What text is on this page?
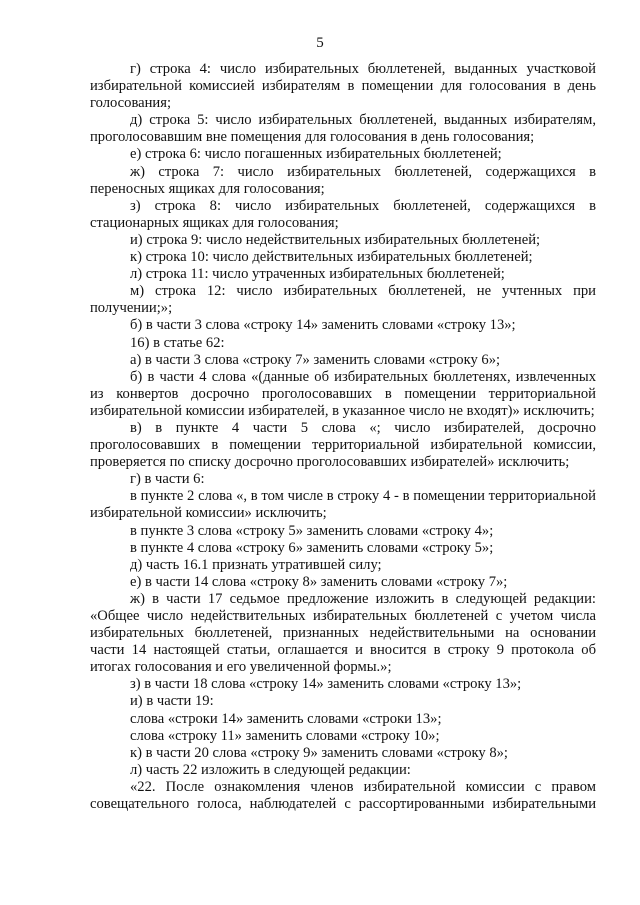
5

г) строка 4: число избирательных бюллетеней, выданных участковой избирательной комиссией избирателям в помещении для голосования в день голосования;

д) строка 5: число избирательных бюллетеней, выданных избирателям, проголосовавшим вне помещения для голосования в день голосования;

е) строка 6: число погашенных избирательных бюллетеней;

ж) строка 7: число избирательных бюллетеней, содержащихся в переносных ящиках для голосования;

з) строка 8: число избирательных бюллетеней, содержащихся в стационарных ящиках для голосования;

и) строка 9: число недействительных избирательных бюллетеней;

к) строка 10: число действительных избирательных бюллетеней;

л) строка 11: число утраченных избирательных бюллетеней;

м) строка 12: число избирательных бюллетеней, не учтенных при получении;»;

б) в части 3 слова «строку 14» заменить словами «строку 13»;

16) в статье 62:

а) в части 3 слова «строку 7» заменить словами «строку 6»;

б) в части 4 слова «(данные об избирательных бюллетенях, извлеченных из конвертов досрочно проголосовавших в помещении территориальной избирательной комиссии избирателей, в указанное число не входят)» исключить;

в) в пункте 4 части 5 слова «; число избирателей, досрочно проголосовавших в помещении территориальной избирательной комиссии, проверяется по списку досрочно проголосовавших избирателей» исключить;

г) в части 6:

в пункте 2 слова «, в том числе в строку 4 - в помещении территориальной избирательной комиссии» исключить;

в пункте 3 слова «строку 5» заменить словами «строку 4»;

в пункте 4 слова «строку 6» заменить словами «строку 5»;

д) часть 16.1 признать утратившей силу;

е) в части 14 слова «строку 8» заменить словами «строку 7»;

ж) в части 17 седьмое предложение изложить в следующей редакции: «Общее число недействительных избирательных бюллетеней с учетом числа избирательных бюллетеней, признанных недействительными на основании части 14 настоящей статьи, оглашается и вносится в строку 9 протокола об итогах голосования и его увеличенной формы.»;

з) в части 18 слова «строку 14» заменить словами «строку 13»;

и) в части 19:

слова «строки 14» заменить словами «строки 13»;

слова «строку 11» заменить словами «строку 10»;

к) в части 20 слова «строку 9» заменить словами «строку 8»;

л) часть 22 изложить в следующей редакции:

«22. После ознакомления членов избирательной комиссии с правом совещательного голоса, наблюдателей с рассортированными избирательными
